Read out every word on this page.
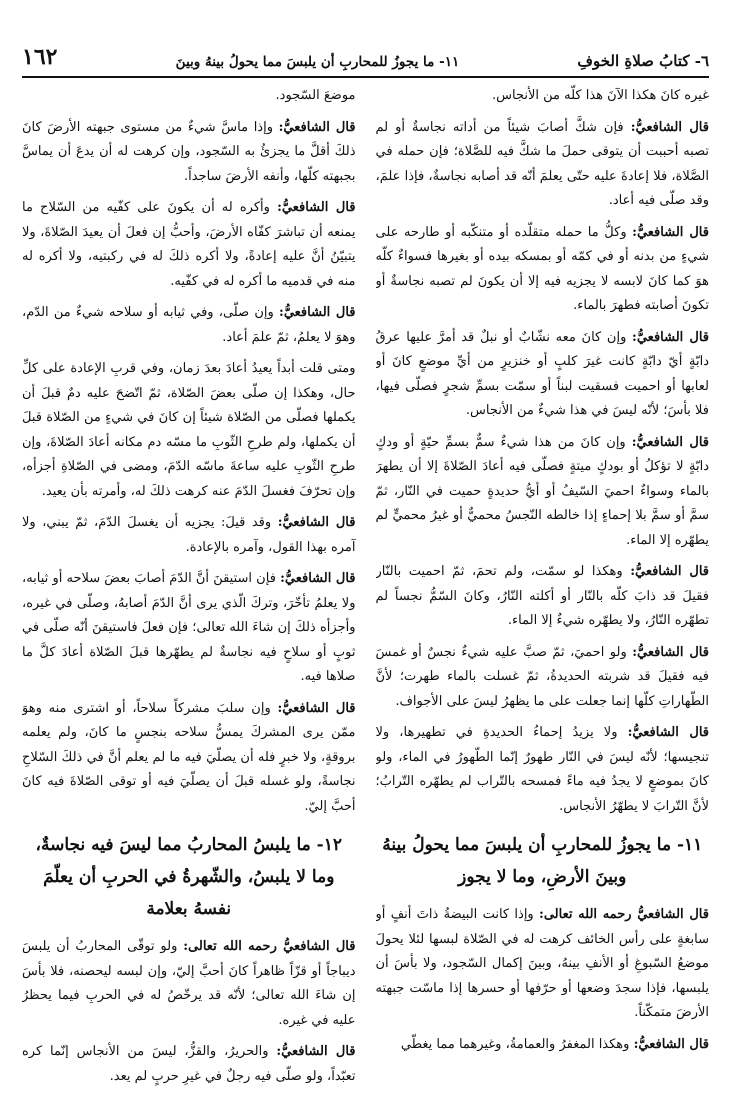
٦- كتابُ صلاةِ الخوفِ
١١- ما يجوزُ للمحاربِ أن يلبسَ مما يحولُ بينهُ وبينَ
١٦٢

غيره كانَ هكذا الآنَ هذا كلّه من الأنجاس.

قال الشافعيُّ: فإن شكَّ أصابَ شيئاً من أداته نجاسةٌ أو لم تصبه أحببت أن يتوقى حملَ ما شكَّ فيه للصَّلاة؛ فإن حمله في الصَّلاة، فلا إعادةَ عليه حتّى يعلمَ أنّه قد أصابه نجاسةٌ، فإذا علمَ، وقد صلّى فيه أعاد.

قال الشافعيُّ: وكلُّ ما حمله متقلّده أو متنكّبه أو طارحه على شيءٍ من بدنه أو في كمّه أو بمسكه بيده أو بغيرها فسواءٌ كلّه هوَ كما كانَ لابسه لا يجزيه فيه إلا أن يكونَ لم تصبه نجاسةٌ أو تكونَ أصابته فطهرَ بالماء.

قال الشافعيُّ: وإن كانَ معه نشّابٌ أو نبلٌ قد أمرَّ عليها عرقُ دابّةٍ أيّ دابّةٍ كانت غيرَ كلبٍ أو خنزيرٍ من أيِّ موضعٍ كانَ أو لعابها أو احميت فسقيت لبناً أو سمّت بسمِّ شجرٍ فصلّى فيها، فلا بأسَ؛ لأنّه ليسَ في هذا شيءٌ من الأنجاس.

قال الشافعيُّ: وإن كانَ من هذا شيءٌ سمٌّ بسمِّ حيّةٍ أو ودكٍ دابّةٍ لا تؤكلُ أو بودكٍ ميتةٍ فصلّى فيه أعادَ الصّلاةَ إلا أن يطهرَ بالماء وسواءٌ احميَ السّيفُ أو أيُّ حديدةٍ حميت في النّار، ثمّ سمَّ أو سمَّ بلا إحماءٍ إذا خالطه النّجسُ محميٌّ أو غيرُ محميٍّ لم يطهّره إلا الماء.

قال الشافعيُّ: وهكذا لو سمّت، ولم تحمَ، ثمّ احميت بالنّار فقيلَ قد ذابَ كلّه بالنّار أو أكلته النّارُ، وكانَ السّمُّ نجساً لم تطهّره النّارُ، ولا يطهّره شيءٌ إلا الماء.

قال الشافعيُّ: ولو احميَ، ثمّ صبَّ عليه شيءٌ نجسٌ أو غمسَ فيه فقيلَ قد شربته الحديدةُ، ثمّ غسلت بالماء طهرت؛ لأنَّ الطّهاراتِ كلّها إنما جعلت على ما يظهرُ ليسَ على الأجواف.

قال الشافعيُّ: ولا يزيدُ إحماءُ الحديدةِ في تطهيرها، ولا تنجيسها؛ لأنّه ليسَ في النّار طهورٌ إنّما الطّهورُ في الماء، ولو كانَ بموضعٍ لا يجدُ فيه ماءً فمسحه بالتّراب لم يطهّره التّرابُ؛ لأنَّ التّرابَ لا يطهّرُ الأنجاس.

١١- ما يجوزُ للمحاربِ أن يلبسَ مما يحولُ بينهُ وبينَ الأرضِ، وما لا يجوز

قال الشافعيُّ رحمه الله تعالى: وإذا كانت البيضةُ ذاتَ أنفٍ أو سابغةٍ على رأس الخائف كرهت له في الصّلاة لبسها لئلا يحولَ موضعُ السّبوغِ أو الأنفِ بينهُ، وبينَ إكمال السّجود، ولا بأسَ أن يلبسها، فإذا سجدَ وضعها أو حرّفها أو حسرها إذا ماسّت جبهته الأرضَ متمكّناً.

قال الشافعيُّ: وهكذا المغفرُ والعمامةُ، وغيرهما مما يغطّي

موضعَ السّجود.

قال الشافعيُّ: وإذا ماسَّ شيءٌ من مستوى جبهته الأرضَ كانَ ذلكَ أقلَّ ما يجزئُ به السّجود، وإن كرهت له أن يدعَ أن يماسَّ بجبهته كلّها، وأنفه الأرضَ ساجداً.

قال الشافعيُّ: وأكره له أن يكونَ على كفّيه من السّلاح ما يمنعه أن تباشرَ كفّاه الأرضَ، وأحبُّ إن فعلَ أن يعيدَ الصّلاةَ، ولا يتبيّنُ أنَّ عليه إعادةً، ولا أكره ذلكَ له في ركبتيه، ولا أكره له منه في قدميه ما أكره له في كفّيه.

قال الشافعيُّ: وإن صلّى، وفي ثيابه أو سلاحه شيءٌ من الدّم، وهوَ لا يعلمُ، ثمّ علمَ أعاد.

ومتى قلت أبداً يعيدُ أعادَ بعدَ زمان، وفي قربِ الإعادة على كلِّ حال، وهكذا إن صلّى بعضَ الصّلاة، ثمّ اتّضحَ عليه دمٌ قبلَ أن يكملها فصلّى من الصّلاة شيئاً إن كانَ في شيءٍ من الصّلاة قبلَ أن يكملها، ولم طرحِ الثّوبِ ما مسّه دم مكانه أعادَ الصّلاةَ، وإن طرحِ الثّوبِ عليه ساعةَ ماسّه الدّمَ، ومضى في الصّلاةِ أجزأه، وإن تحرّفَ فغسلَ الدّمَ عنه كرهت ذلكَ له، وأمرته بأن يعيد.

قال الشافعيُّ: وقد قيلَ: يجزيه أن يغسلَ الدّمَ، ثمّ يبني، ولا آمره بهذا القول، وآمره بالإعادة.

قال الشافعيُّ: فإن استيقنَ أنَّ الدّمَ أصابَ بعضَ سلاحه أو ثيابه، ولا يعلمُ تأخّرَ، وتركَ الّذي يرى أنَّ الدّمَ أصابهُ، وصلّى في غيره، وأجزأه ذلكَ إن شاءَ الله تعالى؛ فإن فعلَ فاستيقنَ أنّه صلّى في ثوبٍ أو سلاحٍ فيه نجاسةٌ لم يطهّرها قبلَ الصّلاة أعادَ كلَّ ما صلاها فيه.

قال الشافعيُّ: وإن سلبَ مشركاً سلاحاً، أو اشترى منه وهوَ ممّن يرى المشركَ يمسُّ سلاحه بنجسٍ ما كانَ، ولم يعلمه بروقةٍ، ولا خبرٍ فله أن يصلّيَ فيه ما لم يعلم أنَّ في ذلكَ السّلاحِ نجاسةً، ولو غسله قبلَ أن يصلّيَ فيه أو توقى الصّلاةَ فيه كانَ أحبَّ إليّ.

١٢- ما يلبسُ المحاربُ مما ليسَ فيه نجاسةٌ، وما لا يلبسُ، والشّهرةُ في الحربِ أن يعلّمَ نفسهُ بعلامة

قال الشافعيُّ رحمه الله تعالى: ولو توقّى المحاربُ أن يلبسَ ديباجاً أو قزّاً ظاهراً كانَ أحبَّ إليّ، وإن لبسه ليحصنه، فلا بأسَ إن شاءَ الله تعالى؛ لأنّه قد يرخّصُ له في الحربِ فيما يحظرُ عليه في غيره.

قال الشافعيُّ: والحريرُ، والقزُّ، ليسَ من الأنجاس إنّما كره تعبّداً، ولو صلّى فيه رجلٌ في غيرِ حربٍ لم يعد.
